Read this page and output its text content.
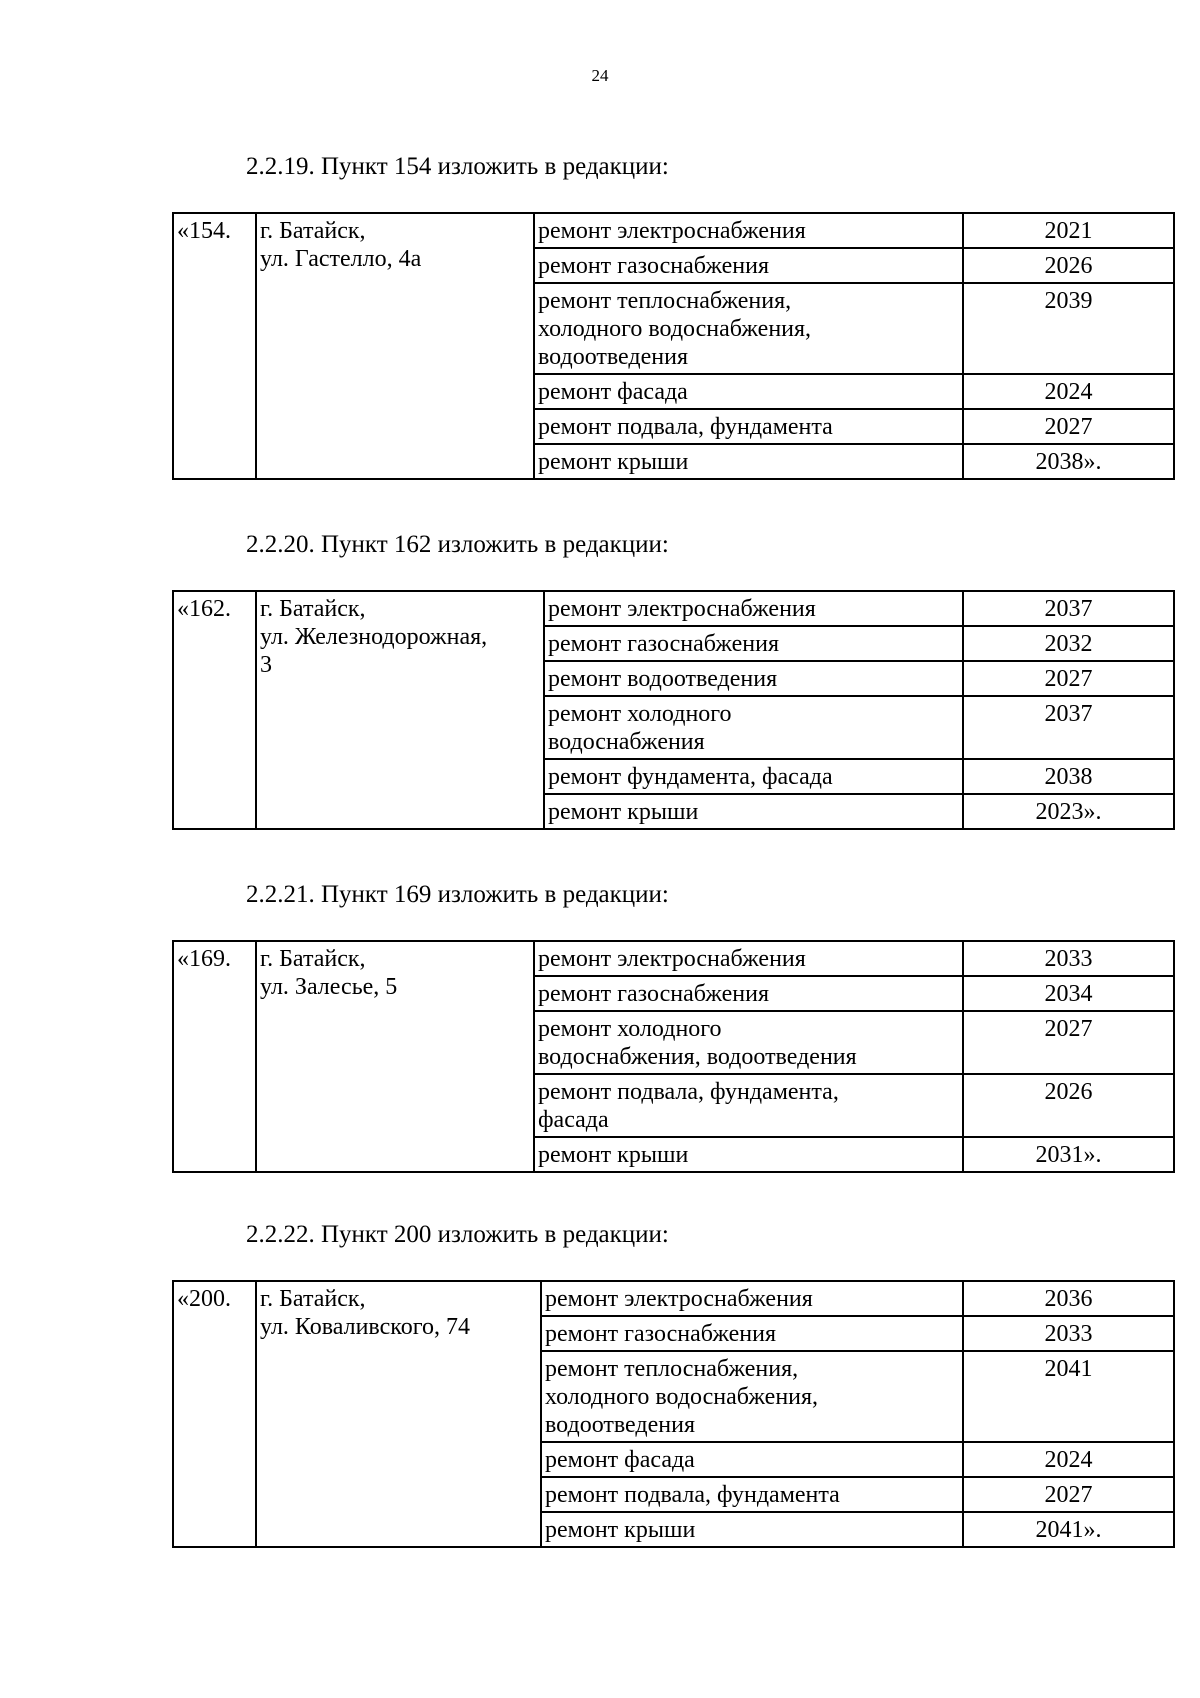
24
2.2.19. Пункт 154 изложить в редакции:
«154.	г. Батайск,
ул. Гастелло, 4а	ремонт электроснабжения	2021
		ремонт газоснабжения	2026
		ремонт теплоснабжения,
холодного водоснабжения,
водоотведения	2039
		ремонт фасада	2024
		ремонт подвала, фундамента	2027
		ремонт крыши	2038».
2.2.20. Пункт 162 изложить в редакции:
«162.	г. Батайск,
ул. Железнодорожная,
3	ремонт электроснабжения	2037
		ремонт газоснабжения	2032
		ремонт водоотведения	2027
		ремонт холодного
водоснабжения	2037
		ремонт фундамента, фасада	2038
		ремонт крыши	2023».
2.2.21. Пункт 169 изложить в редакции:
«169.	г. Батайск,
ул. Залесье, 5	ремонт электроснабжения	2033
		ремонт газоснабжения	2034
		ремонт холодного
водоснабжения, водоотведения	2027
		ремонт подвала, фундамента,
фасада	2026
		ремонт крыши	2031».
2.2.22. Пункт 200 изложить в редакции:
«200.	г. Батайск,
ул. Коваливского, 74	ремонт электроснабжения	2036
		ремонт газоснабжения	2033
		ремонт теплоснабжения,
холодного водоснабжения,
водоотведения	2041
		ремонт фасада	2024
		ремонт подвала, фундамента	2027
		ремонт крыши	2041».
